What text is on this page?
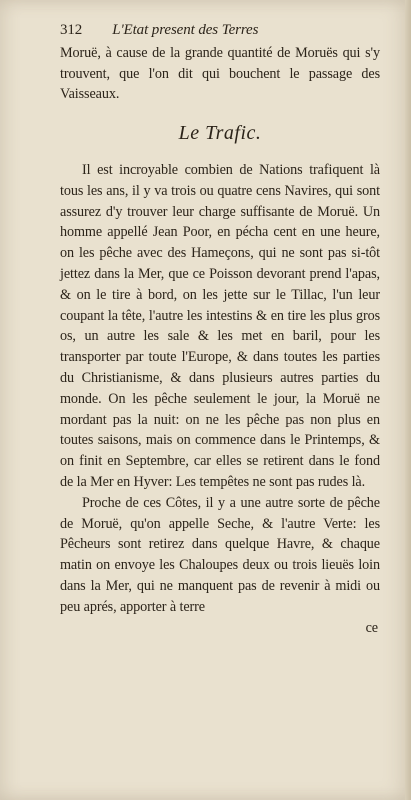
312	L'Etat present des Terres

Moruë, à cause de la grande quantité de Moruës qui s'y trouvent, que l'on dit qui bouchent le passage des Vaisseaux.

Le Trafic.

Il est incroyable combien de Nations trafiquent là tous les ans, il y va trois ou quatre cens Navires, qui sont assurez d'y trouver leur charge suffisante de Moruë. Un homme appellé Jean Poor, en pécha cent en une heure, on les pêche avec des Hameçons, qui ne sont pas si-tôt jettez dans la Mer, que ce Poisson devorant prend l'apas, & on le tire à bord, on les jette sur le Tillac, l'un leur coupant la tête, l'autre les intestins & en tire les plus gros os, un autre les sale & les met en baril, pour les transporter par toute l'Europe, & dans toutes les parties du Christianisme, & dans plusieurs autres parties du monde. On les pêche seulement le jour, la Moruë ne mordant pas la nuit: on ne les pêche pas non plus en toutes saisons, mais on commence dans le Printemps, & on finit en Septembre, car elles se retirent dans le fond de la Mer en Hyver: Les tempêtes ne sont pas rudes là.

Proche de ces Côtes, il y a une autre sorte de pêche de Moruë, qu'on appelle Seche, & l'autre Verte: les Pêcheurs sont retirez dans quelque Havre, & chaque matin on envoye les Chaloupes deux ou trois lieuës loin dans la Mer, qui ne manquent pas de revenir à midi ou peu aprés, apporter à terre

ce
